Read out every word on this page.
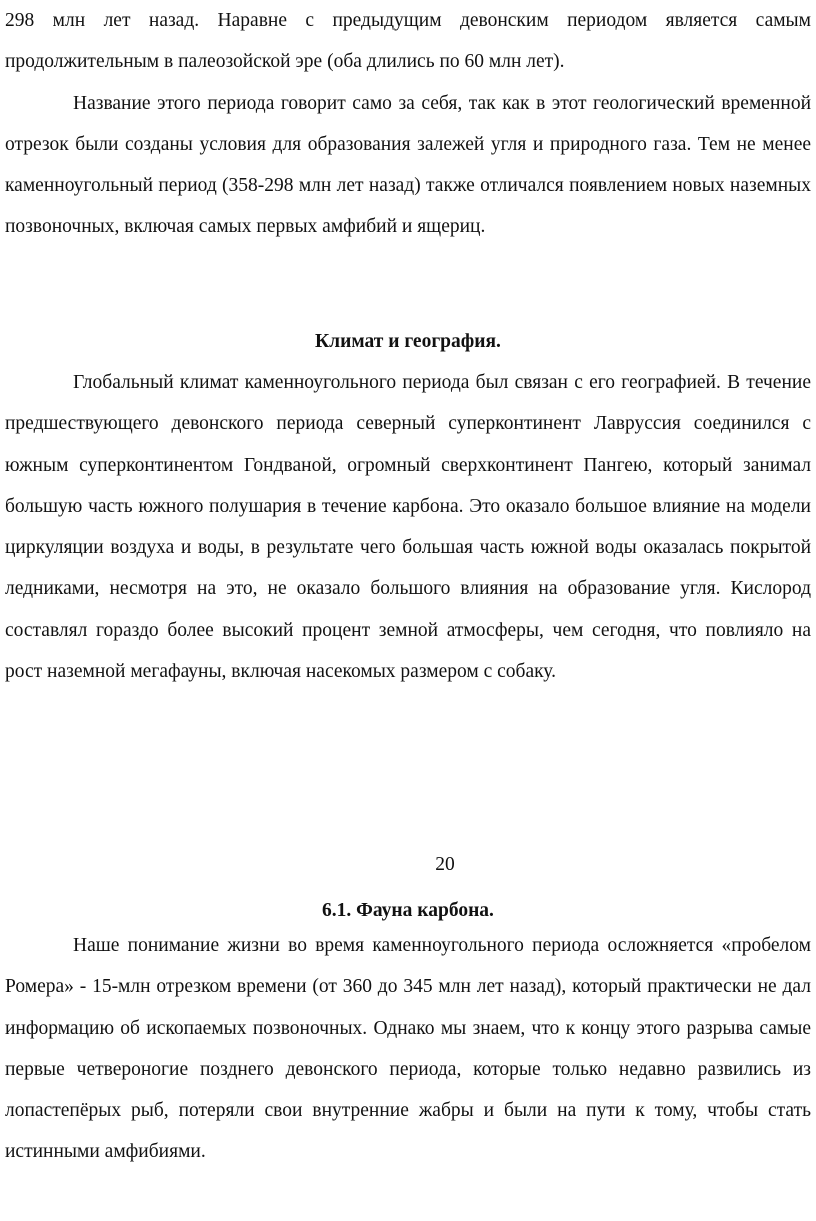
298 млн лет назад. Наравне с предыдущим девонским периодом является самым продолжительным в палеозойской эре (оба длились по 60 млн лет).

Название этого периода говорит само за себя, так как в этот геологический временной отрезок были созданы условия для образования залежей угля и природного газа. Тем не менее каменноугольный период (358-298 млн лет назад) также отличался появлением новых наземных позвоночных, включая самых первых амфибий и ящериц.

Климат и география.

Глобальный климат каменноугольного периода был связан с его географией. В течение предшествующего девонского периода северный суперконтинент Лавруссия соединился с южным суперконтинентом Гондваной, огромный сверхконтинент Пангею, который занимал большую часть южного полушария в течение карбона. Это оказало большое влияние на модели циркуляции воздуха и воды, в результате чего большая часть южной воды оказалась покрытой ледниками, несмотря на это, не оказало большого влияния на образование угля. Кислород составлял гораздо более высокий процент земной атмосферы, чем сегодня, что повлияло на рост наземной мегафауны, включая насекомых размером с собаку.

20
6.1. Фауна карбона.

Наше понимание жизни во время каменноугольного периода осложняется «пробелом Ромера» - 15-млн отрезком времени (от 360 до 345 млн лет назад), который практически не дал информацию об ископаемых позвоночных. Однако мы знаем, что к концу этого разрыва самые первые четвероногие позднего девонского периода, которые только недавно развились из лопастепёрых рыб, потеряли свои внутренние жабры и были на пути к тому, чтобы стать истинными амфибиями.
